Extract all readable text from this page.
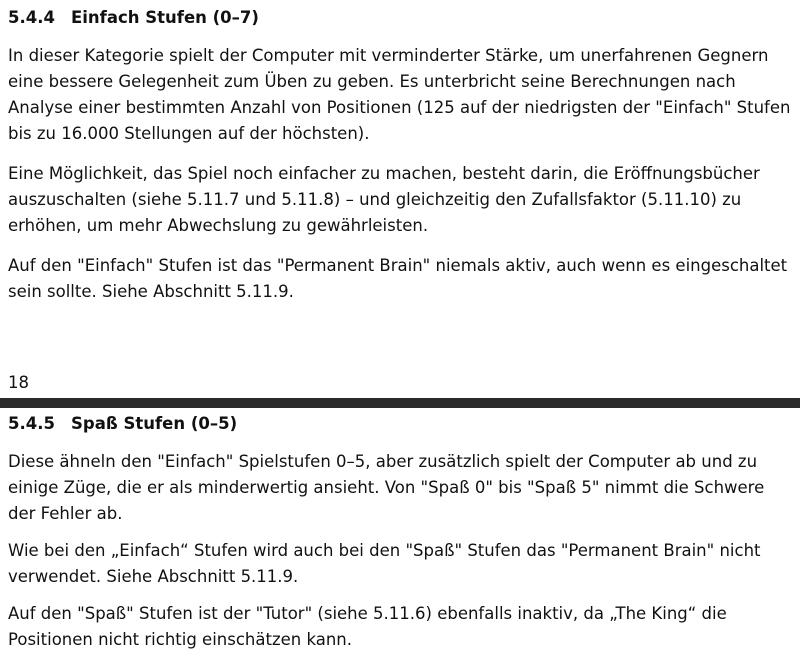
5.4.4 Einfach Stufen (0–7)

In dieser Kategorie spielt der Computer mit verminderter Stärke, um unerfahrenen Gegnern eine bessere Gelegenheit zum Üben zu geben. Es unterbricht seine Berechnungen nach Analyse einer bestimmten Anzahl von Positionen (125 auf der niedrigsten der "Einfach" Stufen bis zu 16.000 Stellungen auf der höchsten).

Eine Möglichkeit, das Spiel noch einfacher zu machen, besteht darin, die Eröffnungsbücher auszuschalten (siehe 5.11.7 und 5.11.8) – und gleichzeitig den Zufallsfaktor (5.11.10) zu erhöhen, um mehr Abwechslung zu gewährleisten.

Auf den "Einfach" Stufen ist das "Permanent Brain" niemals aktiv, auch wenn es eingeschaltet sein sollte. Siehe Abschnitt 5.11.9.

18

5.4.5 Spaß Stufen (0–5)

Diese ähneln den "Einfach" Spielstufen 0–5, aber zusätzlich spielt der Computer ab und zu einige Züge, die er als minderwertig ansieht. Von "Spaß 0" bis "Spaß 5" nimmt die Schwere der Fehler ab.

Wie bei den „Einfach“ Stufen wird auch bei den "Spaß" Stufen das "Permanent Brain" nicht verwendet. Siehe Abschnitt 5.11.9.

Auf den "Spaß" Stufen ist der "Tutor" (siehe 5.11.6) ebenfalls inaktiv, da „The King“ die Positionen nicht richtig einschätzen kann.
